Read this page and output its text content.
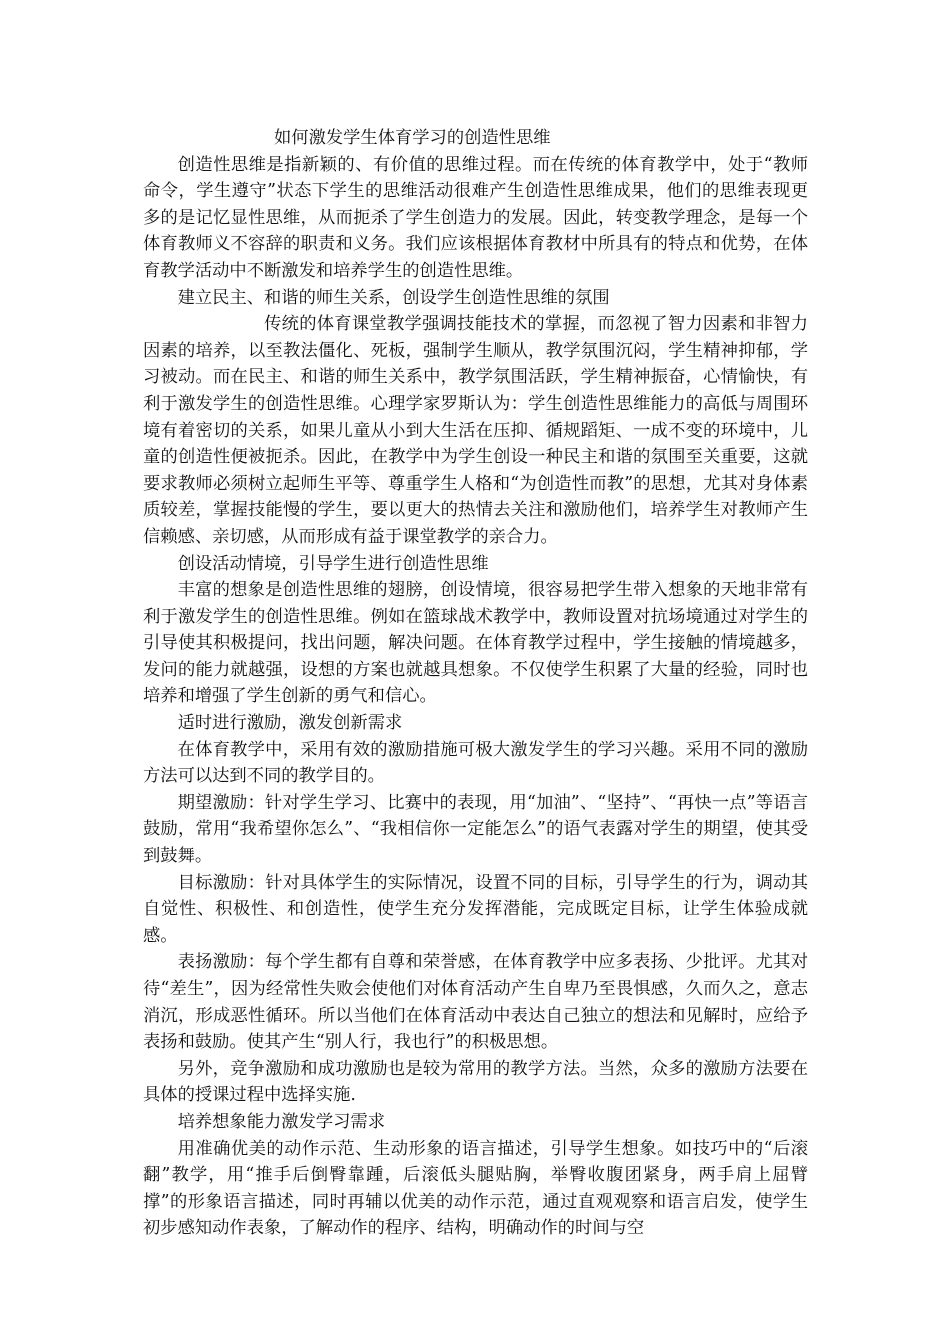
如何激发学生体育学习的创造性思维

创造性思维是指新颖的、有价值的思维过程。而在传统的体育教学中，处于“教师命令，学生遵守”状态下学生的思维活动很难产生创造性思维成果，他们的思维表现更多的是记忆显性思维，从而扼杀了学生创造力的发展。因此，转变教学理念，是每一个体育教师义不容辞的职责和义务。我们应该根据体育教材中所具有的特点和优势，在体育教学活动中不断激发和培养学生的创造性思维。

建立民主、和谐的师生关系，创设学生创造性思维的氛围

传统的体育课堂教学强调技能技术的掌握，而忽视了智力因素和非智力因素的培养，以至教法僵化、死板，强制学生顺从，教学氛围沉闷，学生精神抑郁，学习被动。而在民主、和谐的师生关系中，教学氛围活跃，学生精神振奋，心情愉快，有利于激发学生的创造性思维。心理学家罗斯认为：学生创造性思维能力的高低与周围环境有着密切的关系，如果儿童从小到大生活在压抑、循规蹈矩、一成不变的环境中，儿童的创造性便被扼杀。因此，在教学中为学生创设一种民主和谐的氛围至关重要，这就要求教师必须树立起师生平等、尊重学生人格和“为创造性而教”的思想，尤其对身体素质较差，掌握技能慢的学生，要以更大的热情去关注和激励他们，培养学生对教师产生信赖感、亲切感，从而形成有益于课堂教学的亲合力。

创设活动情境，引导学生进行创造性思维

丰富的想象是创造性思维的翅膀，创设情境，很容易把学生带入想象的天地非常有利于激发学生的创造性思维。例如在篮球战术教学中，教师设置对抗场境通过对学生的引导使其积极提问，找出问题，解决问题。在体育教学过程中，学生接触的情境越多，发问的能力就越强，设想的方案也就越具想象。不仅使学生积累了大量的经验，同时也培养和增强了学生创新的勇气和信心。

适时进行激励，激发创新需求

在体育教学中，采用有效的激励措施可极大激发学生的学习兴趣。采用不同的激励方法可以达到不同的教学目的。

期望激励：针对学生学习、比赛中的表现，用“加油”、“坚持”、“再快一点”等语言鼓励，常用“我希望你怎么”、“我相信你一定能怎么”的语气表露对学生的期望，使其受到鼓舞。

目标激励：针对具体学生的实际情况，设置不同的目标，引导学生的行为，调动其自觉性、积极性、和创造性，使学生充分发挥潜能，完成既定目标，让学生体验成就感。

表扬激励：每个学生都有自尊和荣誉感，在体育教学中应多表扬、少批评。尤其对待“差生”，因为经常性失败会使他们对体育活动产生自卑乃至畏惧感，久而久之，意志消沉，形成恶性循环。所以当他们在体育活动中表达自己独立的想法和见解时，应给予表扬和鼓励。使其产生“别人行，我也行”的积极思想。

另外，竞争激励和成功激励也是较为常用的教学方法。当然，众多的激励方法要在具体的授课过程中选择实施.

培养想象能力激发学习需求

用准确优美的动作示范、生动形象的语言描述，引导学生想象。如技巧中的“后滚翻”教学，用“推手后倒臀靠踵，后滚低头腿贴胸，举臀收腹团紧身，两手肩上屈臂撑”的形象语言描述，同时再辅以优美的动作示范，通过直观观察和语言启发，使学生初步感知动作表象，了解动作的程序、结构，明确动作的时间与空
